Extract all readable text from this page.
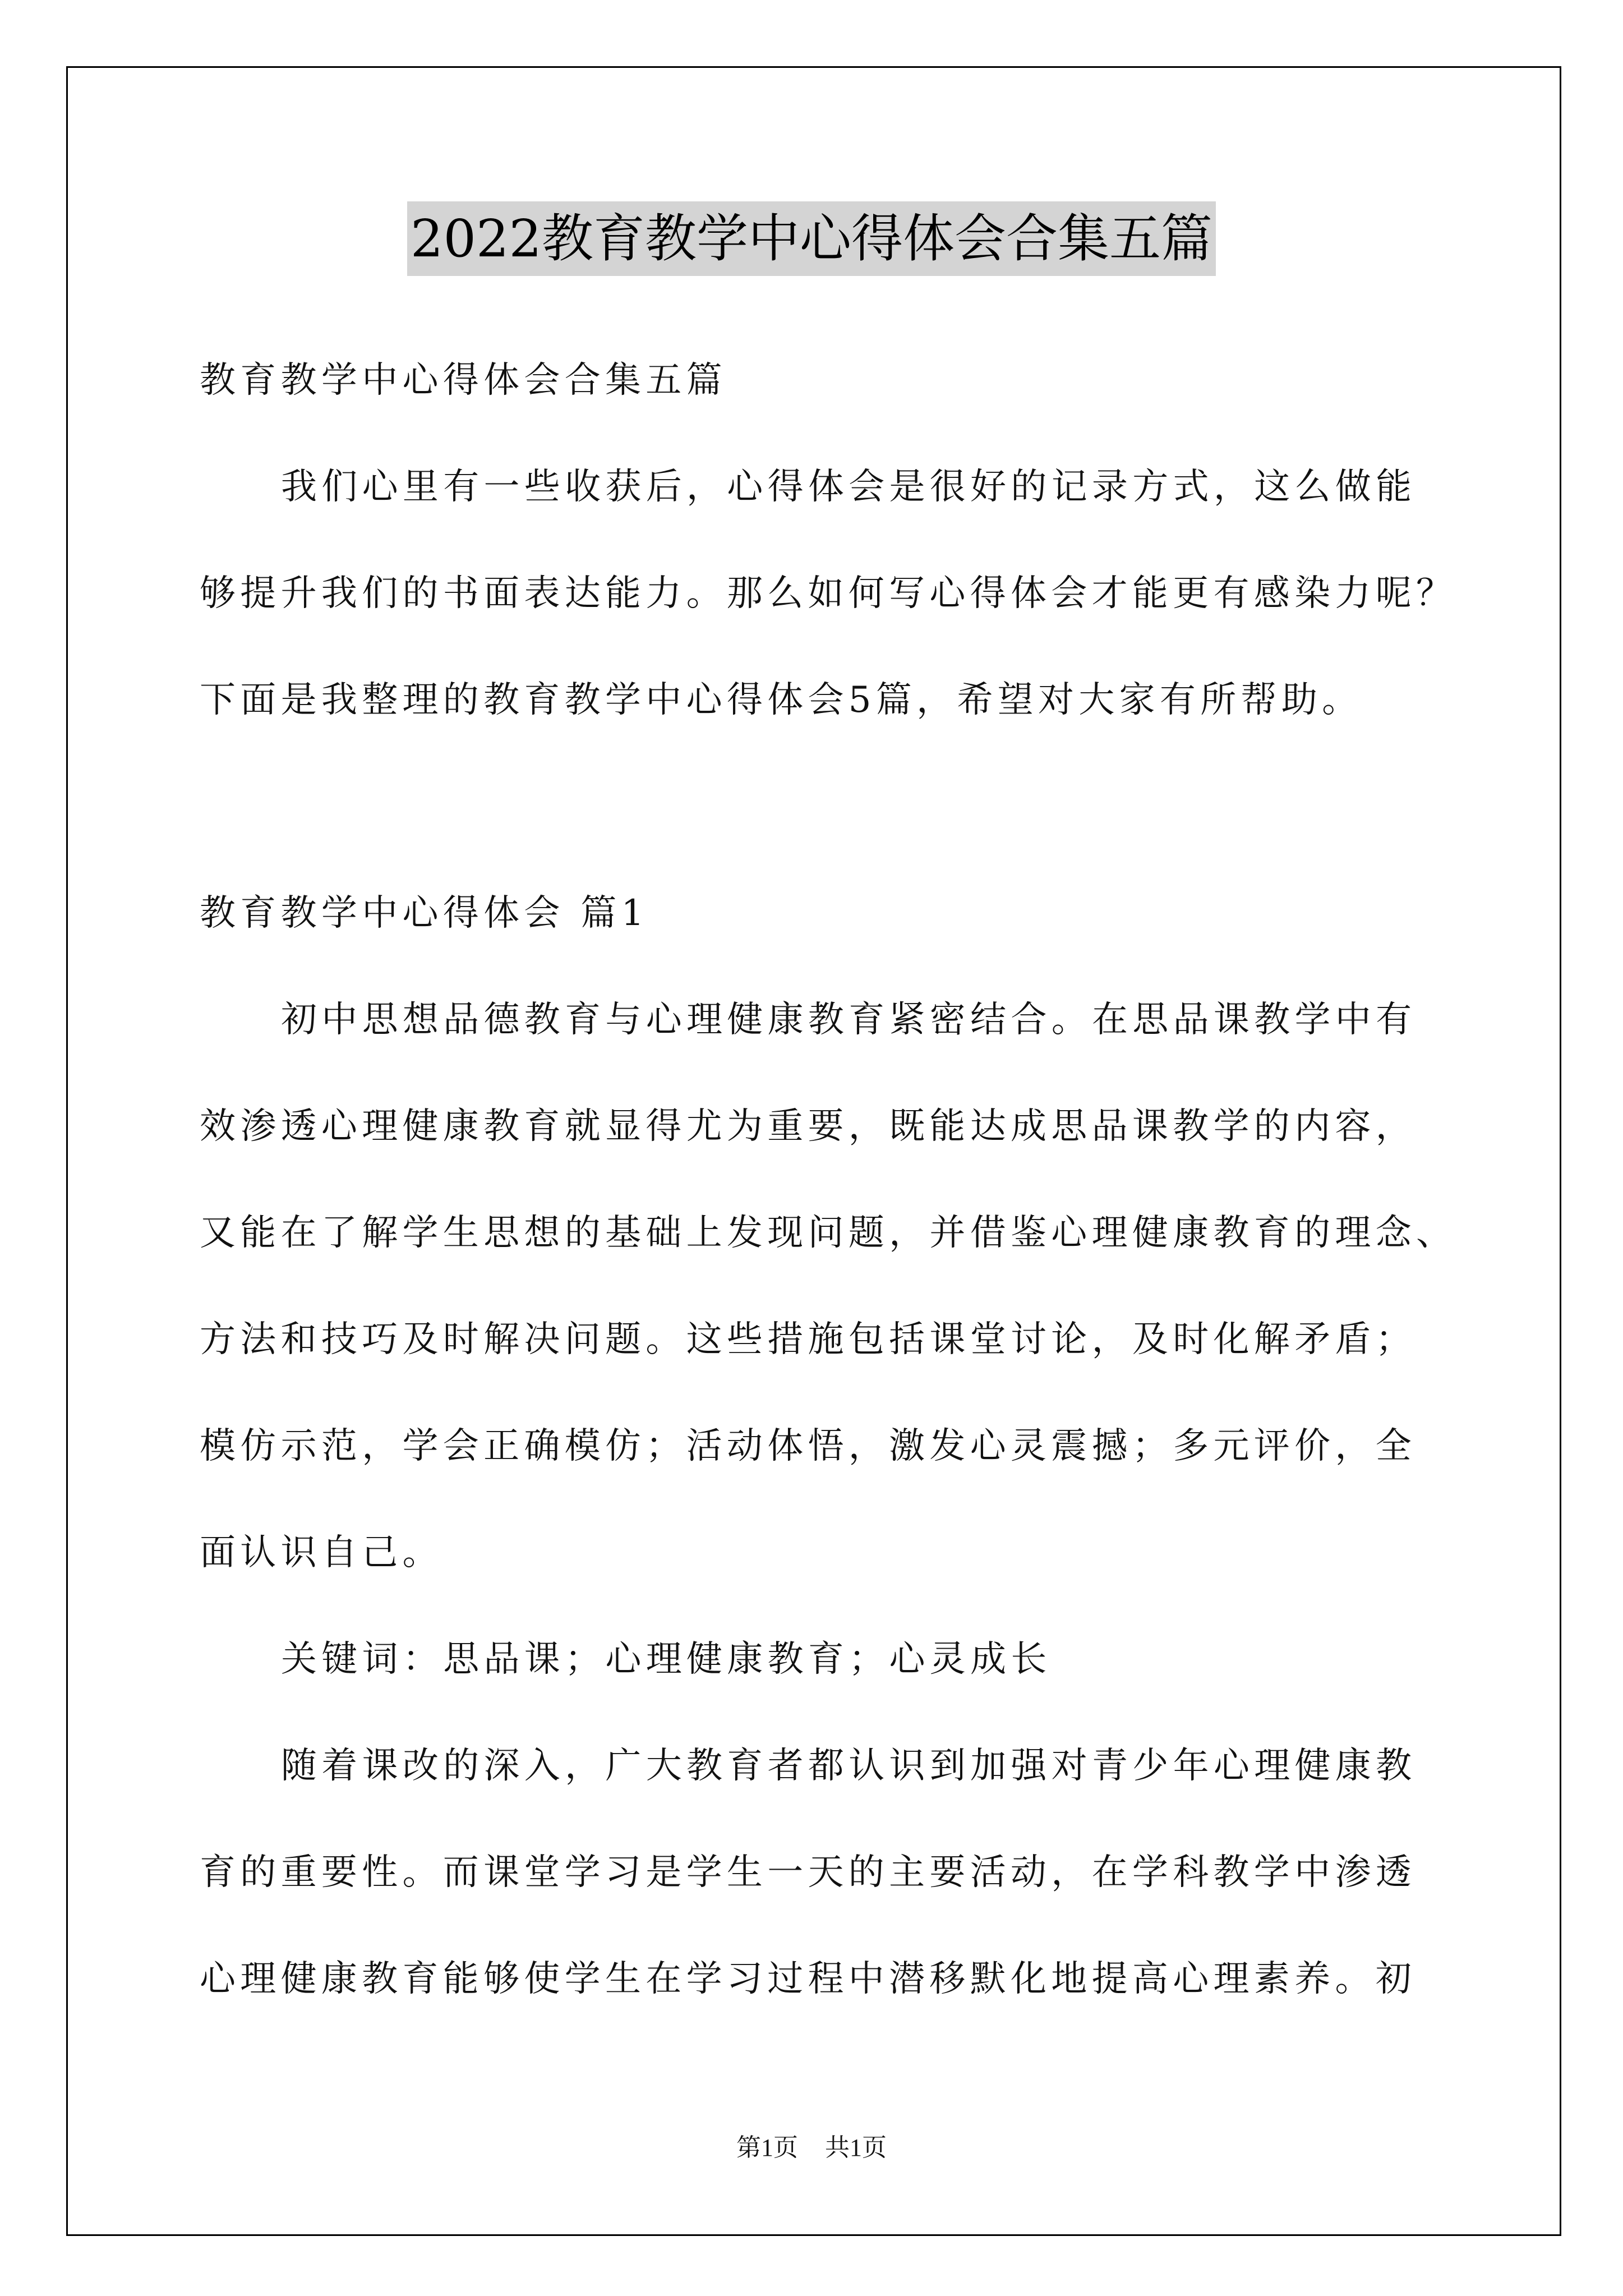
2022教育教学中心得体会合集五篇
教育教学中心得体会合集五篇
我们心里有一些收获后，心得体会是很好的记录方式，这么做能
够提升我们的书面表达能力。那么如何写心得体会才能更有感染力呢？
下面是我整理的教育教学中心得体会5篇，希望对大家有所帮助。
教育教学中心得体会 篇1
初中思想品德教育与心理健康教育紧密结合。在思品课教学中有
效渗透心理健康教育就显得尤为重要，既能达成思品课教学的内容，
又能在了解学生思想的基础上发现问题，并借鉴心理健康教育的理念、
方法和技巧及时解决问题。这些措施包括课堂讨论，及时化解矛盾；
模仿示范，学会正确模仿；活动体悟，激发心灵震撼；多元评价，全
面认识自己。
关键词：思品课；心理健康教育；心灵成长
随着课改的深入，广大教育者都认识到加强对青少年心理健康教
育的重要性。而课堂学习是学生一天的主要活动，在学科教学中渗透
心理健康教育能够使学生在学习过程中潜移默化地提高心理素养。初
第1页 共1页
